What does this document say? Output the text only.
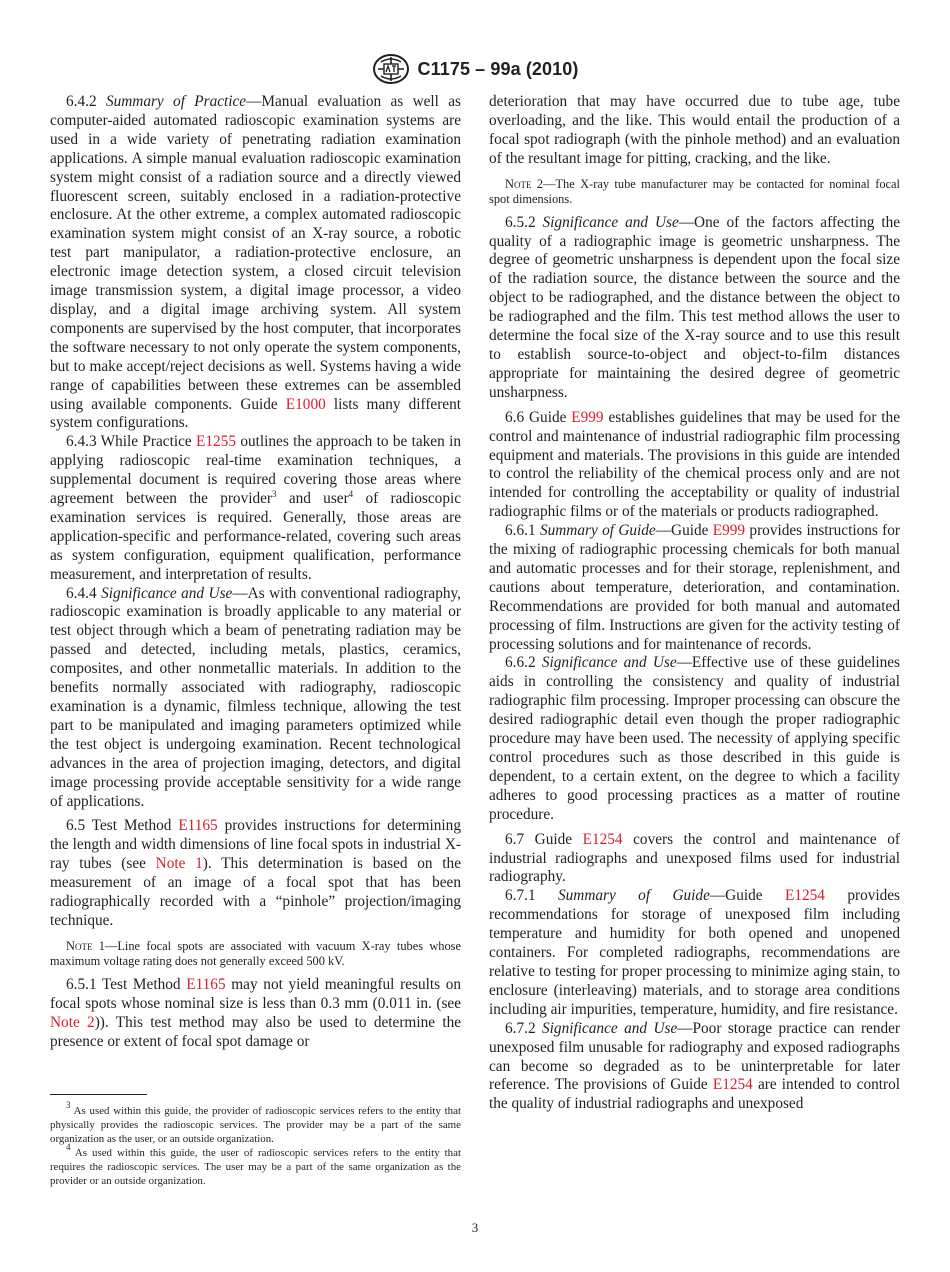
C1175 – 99a (2010)

6.4.2 Summary of Practice—Manual evaluation as well as computer-aided automated radioscopic examination systems are used in a wide variety of penetrating radiation examination applications. A simple manual evaluation radioscopic examination system might consist of a radiation source and a directly viewed fluorescent screen, suitably enclosed in a radiation-protective enclosure. At the other extreme, a complex automated radioscopic examination system might consist of an X-ray source, a robotic test part manipulator, a radiation-protective enclosure, an electronic image detection system, a closed circuit television image transmission system, a digital image processor, a video display, and a digital image archiving system. All system components are supervised by the host computer, that incorporates the software necessary to not only operate the system components, but to make accept/reject decisions as well. Systems having a wide range of capabilities between these extremes can be assembled using available components. Guide E1000 lists many different system configurations.

6.4.3 While Practice E1255 outlines the approach to be taken in applying radioscopic real-time examination techniques, a supplemental document is required covering those areas where agreement between the provider$^3$ and user$^4$ of radioscopic examination services is required. Generally, those areas are application-specific and performance-related, covering such areas as system configuration, equipment qualification, performance measurement, and interpretation of results.

6.4.4 Significance and Use—As with conventional radiography, radioscopic examination is broadly applicable to any material or test object through which a beam of penetrating radiation may be passed and detected, including metals, plastics, ceramics, composites, and other nonmetallic materials. In addition to the benefits normally associated with radiography, radioscopic examination is a dynamic, filmless technique, allowing the test part to be manipulated and imaging parameters optimized while the test object is undergoing examination. Recent technological advances in the area of projection imaging, detectors, and digital image processing provide acceptable sensitivity for a wide range of applications.

6.5 Test Method E1165 provides instructions for determining the length and width dimensions of line focal spots in industrial X-ray tubes (see Note 1). This determination is based on the measurement of an image of a focal spot that has been radiographically recorded with a “pinhole” projection/imaging technique.

Note 1—Line focal spots are associated with vacuum X-ray tubes whose maximum voltage rating does not generally exceed 500 kV.

6.5.1 Test Method E1165 may not yield meaningful results on focal spots whose nominal size is less than 0.3 mm (0.011 in. (see Note 2)). This test method may also be used to determine the presence or extent of focal spot damage or

$^3$ As used within this guide, the provider of radioscopic services refers to the entity that physically provides the radioscopic services. The provider may be a part of the same organization as the user, or an outside organization.

$^4$ As used within this guide, the user of radioscopic services refers to the entity that requires the radioscopic services. The user may be a part of the same organization as the provider or an outside organization.

deterioration that may have occurred due to tube age, tube overloading, and the like. This would entail the production of a focal spot radiograph (with the pinhole method) and an evaluation of the resultant image for pitting, cracking, and the like.

Note 2—The X-ray tube manufacturer may be contacted for nominal focal spot dimensions.

6.5.2 Significance and Use—One of the factors affecting the quality of a radiographic image is geometric unsharpness. The degree of geometric unsharpness is dependent upon the focal size of the radiation source, the distance between the source and the object to be radiographed, and the distance between the object to be radiographed and the film. This test method allows the user to determine the focal size of the X-ray source and to use this result to establish source-to-object and object-to-film distances appropriate for maintaining the desired degree of geometric unsharpness.

6.6 Guide E999 establishes guidelines that may be used for the control and maintenance of industrial radiographic film processing equipment and materials. The provisions in this guide are intended to control the reliability of the chemical process only and are not intended for controlling the acceptability or quality of industrial radiographic films or of the materials or products radiographed.

6.6.1 Summary of Guide—Guide E999 provides instructions for the mixing of radiographic processing chemicals for both manual and automatic processes and for their storage, replenishment, and cautions about temperature, deterioration, and contamination. Recommendations are provided for both manual and automated processing of film. Instructions are given for the activity testing of processing solutions and for maintenance of records.

6.6.2 Significance and Use—Effective use of these guidelines aids in controlling the consistency and quality of industrial radiographic film processing. Improper processing can obscure the desired radiographic detail even though the proper radiographic procedure may have been used. The necessity of applying specific control procedures such as those described in this guide is dependent, to a certain extent, on the degree to which a facility adheres to good processing practices as a matter of routine procedure.

6.7 Guide E1254 covers the control and maintenance of industrial radiographs and unexposed films used for industrial radiography.

6.7.1 Summary of Guide—Guide E1254 provides recommendations for storage of unexposed film including temperature and humidity for both opened and unopened containers. For completed radiographs, recommendations are relative to testing for proper processing to minimize aging stain, to enclosure (interleaving) materials, and to storage area conditions including air impurities, temperature, humidity, and fire resistance.

6.7.2 Significance and Use—Poor storage practice can render unexposed film unusable for radiography and exposed radiographs can become so degraded as to be uninterpretable for later reference. The provisions of Guide E1254 are intended to control the quality of industrial radiographs and unexposed

3
